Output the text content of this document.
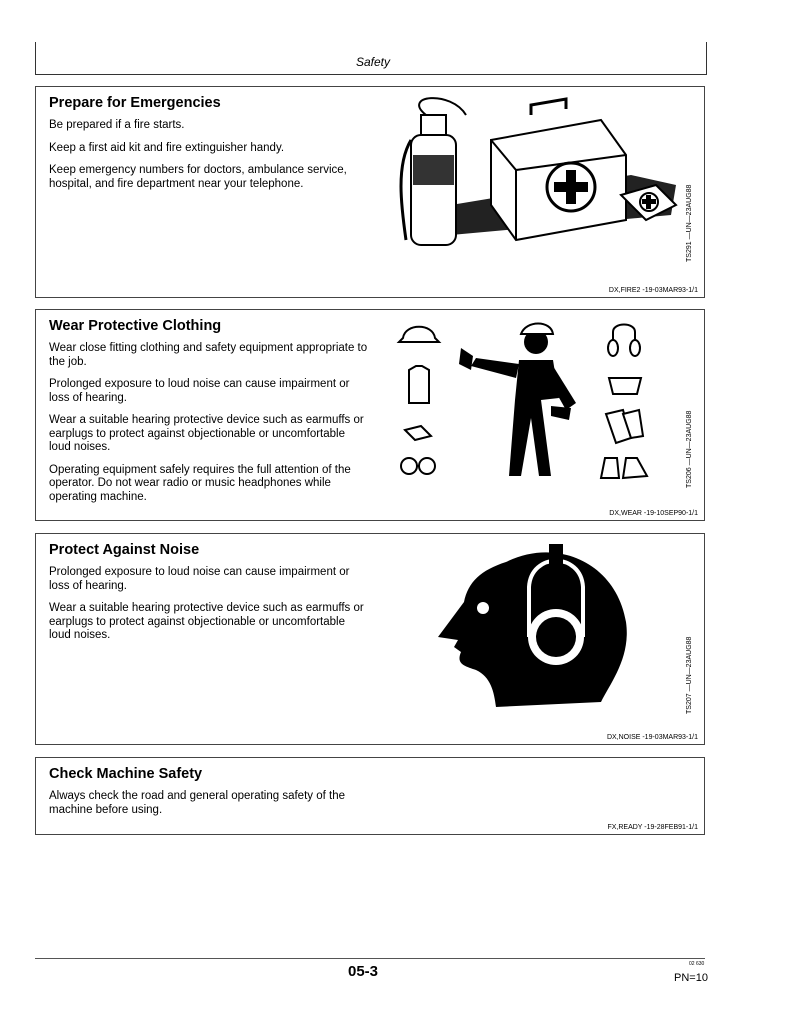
Safety
Prepare for Emergencies

Be prepared if a fire starts.

Keep a first aid kit and fire extinguisher handy.

Keep emergency numbers for doctors, ambulance service, hospital, and fire department near your telephone.

TS291 —UN—23AUG88
DX,FIRE2 -19-03MAR93-1/1
Wear Protective Clothing

Wear close fitting clothing and safety equipment appropriate to the job.

Prolonged exposure to loud noise can cause impairment or loss of hearing.

Wear a suitable hearing protective device such as earmuffs or earplugs to protect against objectionable or uncomfortable loud noises.

Operating equipment safely requires the full attention of the operator. Do not wear radio or music headphones while operating machine.

TS206 —UN—23AUG88
DX,WEAR -19-10SEP90-1/1
Protect Against Noise

Prolonged exposure to loud noise can cause impairment or loss of hearing.

Wear a suitable hearing protective device such as earmuffs or earplugs to protect against objectionable or uncomfortable loud noises.

TS207 —UN—23AUG88
DX,NOISE -19-03MAR93-1/1
Check Machine Safety

Always check the road and general operating safety of the machine before using.

FX,READY -19-28FEB91-1/1
05-3	02 630
PN=10
